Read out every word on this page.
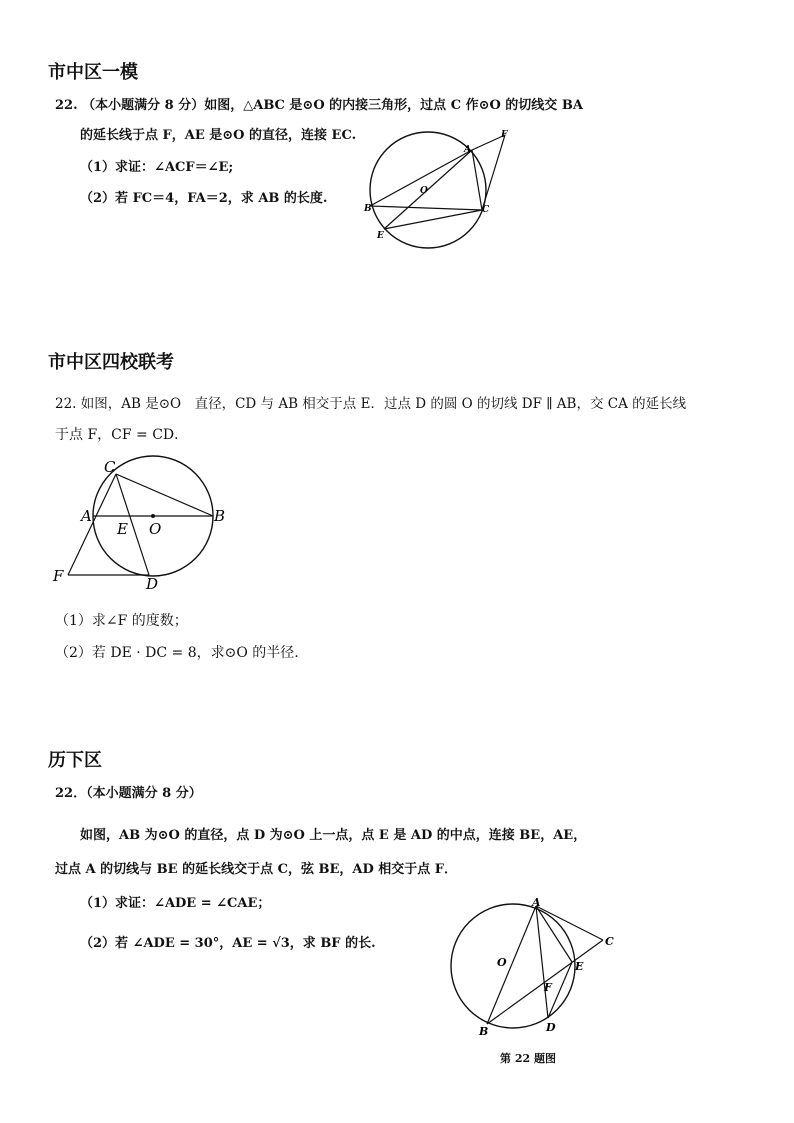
市中区一模
22. （本小题满分 8 分）如图，△ABC 是⊙O 的内接三角形，过点 C 作⊙O 的切线交 BA
的延长线于点 F，AE 是⊙O 的直径，连接 EC.
（1）求证：∠ACF＝∠E;
（2）若 FC＝4，FA＝2，求 AB 的长度.
A
F
O
B	C
E
市中区四校联考
22. 如图，AB 是⊙O　直径，CD 与 AB 相交于点 E．过点 D 的圆 O 的切线 DF ∥ AB，交 CA 的延长线
于点 F，CF = CD．
C
A
E O
B
F	D
（1）求∠F 的度数；
（2）若 DE · DC = 8，求⊙O 的半径.
历下区
22．（本小题满分 8 分）
如图，AB 为⊙O 的直径，点 D 为⊙O 上一点，点 E 是 AD 的中点，连接 BE，AE，
过点 A 的切线与 BE 的延长线交于点 C，弦 BE，AD 相交于点 F．
（1）求证：∠ADE = ∠CAE；
（2）若 ∠ADE = 30°，AE = √3，求 BF 的长.
A
C
E
O
F
B	D
第 22 题图
